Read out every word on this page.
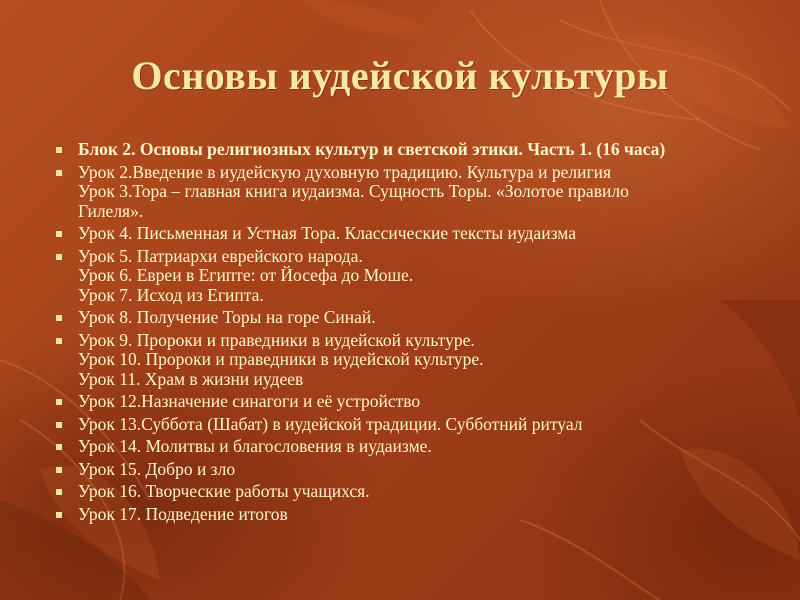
Основы иудейской культуры
Блок 2. Основы религиозных культур и светской этики. Часть 1. (16 часа)
Урок 2.Введение в иудейскую духовную традицию. Культура и религия
Урок 3.Тора – главная книга иудаизма. Сущность Торы. «Золотое правило
Гилеля».
Урок 4. Письменная и Устная Тора. Классические тексты иудаизма
Урок 5. Патриархи еврейского народа.
Урок 6. Евреи в Египте: от Йосефа до Моше.
Урок 7. Исход из Египта.
Урок 8. Получение Торы на горе Синай.
Урок 9. Пророки и праведники в иудейской культуре.
Урок 10. Пророки и праведники в иудейской культуре.
Урок 11. Храм в жизни иудеев
Урок 12.Назначение синагоги и её устройство
Урок 13.Суббота (Шабат) в иудейской традиции. Субботний ритуал
Урок 14. Молитвы и благословения в иудаизме.
Урок 15. Добро и зло
Урок 16. Творческие работы учащихся.
Урок 17. Подведение итогов
